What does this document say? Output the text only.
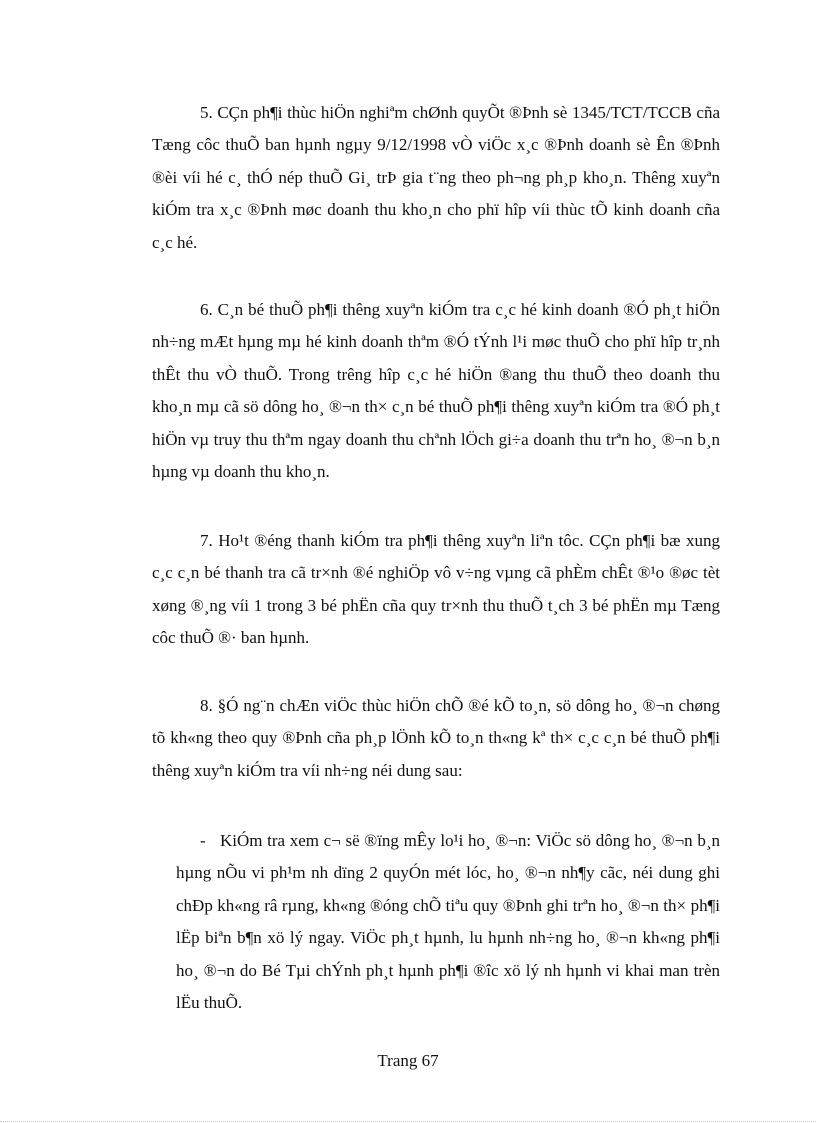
5. CÇn ph¶i thùc hiÖn nghiªm chØnh quyÕt ®Þnh sè 1345/TCT/TCCB cña Tæng côc thuÕ ban hµnh ngµy 9/12/1998 vÒ viÖc x¸c ®Þnh doanh sè Ên ®Þnh ®èi víi hé c¸ thÓ nép thuÕ Gi¸ trÞ gia t¨ng theo ph¬ng ph¸p kho¸n. Thêng xuyªn kiÓm tra x¸c ®Þnh møc doanh thu kho¸n cho phï hîp víi thùc tÕ kinh doanh cña c¸c hé.

6. C¸n bé thuÕ ph¶i thêng xuyªn kiÓm tra c¸c hé kinh doanh ®Ó ph¸t hiÖn nh÷ng mÆt hµng mµ hé kinh doanh thªm ®Ó tÝnh l¹i møc thuÕ cho phï hîp tr¸nh thÊt thu vÒ thuÕ. Trong trêng hîp c¸c hé hiÖn ®ang thu thuÕ theo doanh thu kho¸n mµ cã sö dông ho¸ ®¬n th× c¸n bé thuÕ ph¶i thêng xuyªn kiÓm tra ®Ó ph¸t hiÖn vµ truy thu thªm ngay doanh thu chªnh lÖch gi÷a doanh thu trªn ho¸ ®¬n b¸n hµng vµ doanh thu kho¸n.

7. Ho¹t ®éng thanh kiÓm tra ph¶i thêng xuyªn liªn tôc. CÇn ph¶i bæ xung c¸c c¸n bé thanh tra cã tr×nh ®é nghiÖp vô v÷ng vµng cã phÈm chÊt ®¹o ®øc tèt xøng ®¸ng víi 1 trong 3 bé phËn cña quy tr×nh thu thuÕ t¸ch 3 bé phËn mµ Tæng côc thuÕ ®· ban hµnh.

8. §Ó ng¨n chÆn viÖc thùc hiÖn chÕ ®é kÕ to¸n, sö dông ho¸ ®¬n chøng tõ kh«ng theo quy ®Þnh cña ph¸p lÖnh kÕ to¸n th«ng kª th× c¸c c¸n bé thuÕ ph¶i thêng xuyªn kiÓm tra víi nh÷ng néi dung sau:

- KiÓm tra xem c¬ së ®ïng mÊy lo¹i ho¸ ®¬n: ViÖc sö dông ho¸ ®¬n b¸n hµng nÕu vi ph¹m nh dïng 2 quyÓn mét lóc, ho¸ ®¬n nh¶y cãc, néi dung ghi chÐp kh«ng râ rµng, kh«ng ®óng chÕ tiªu quy ®Þnh ghi trªn ho¸ ®¬n th× ph¶i lËp biªn b¶n xö lý ngay. ViÖc ph¸t hµnh, lu hµnh nh÷ng ho¸ ®¬n kh«ng ph¶i ho¸ ®¬n do Bé Tµi chÝnh ph¸t hµnh ph¶i ®îc xö lý nh hµnh vi khai man trèn lËu thuÕ.

Trang 67
